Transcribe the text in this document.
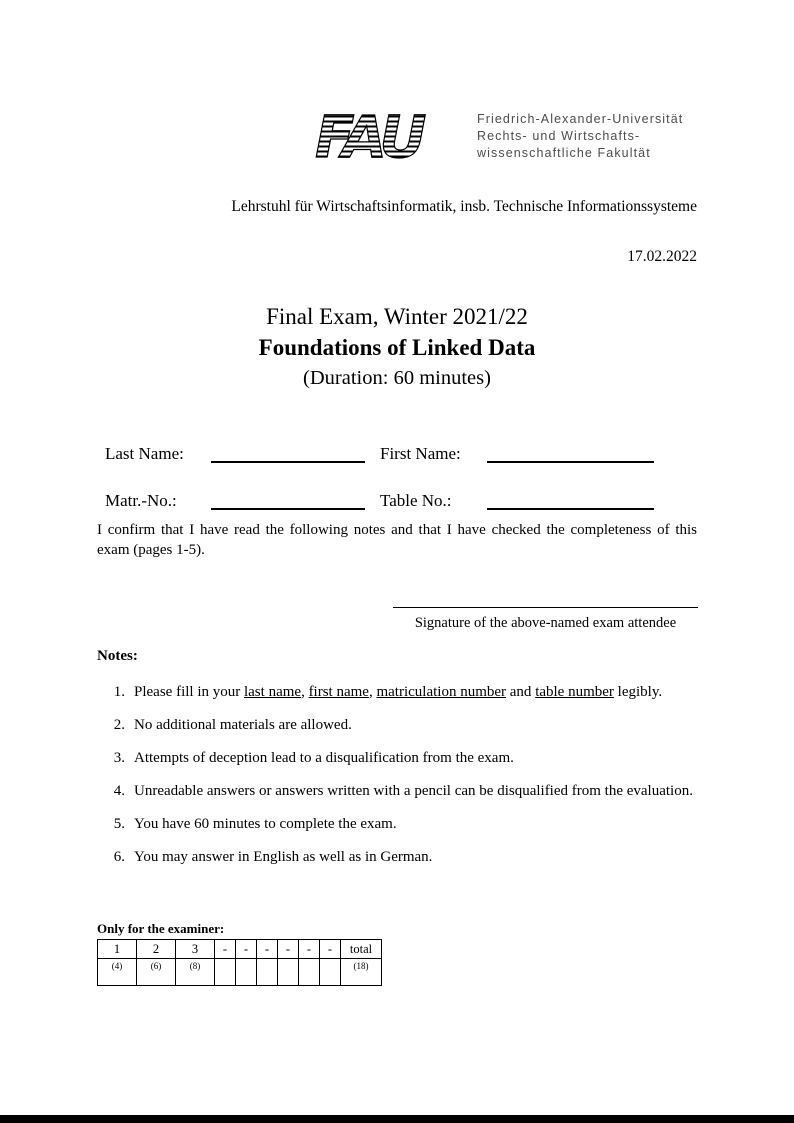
FAU	Friedrich-Alexander-Universität
Rechts- und Wirtschafts-
wissenschaftliche Fakultät
Lehrstuhl für Wirtschaftsinformatik, insb. Technische Informationssysteme
17.02.2022
Final Exam, Winter 2021/22
Foundations of Linked Data
(Duration: 60 minutes)
Last Name:	First Name:
Matr.-No.:	Table No.:
I confirm that I have read the following notes and that I have checked the completeness of this exam (pages 1-5).
Signature of the above-named exam attendee
Notes:
1. Please fill in your last name, first name, matriculation number and table number legibly.
2. No additional materials are allowed.
3. Attempts of deception lead to a disqualification from the exam.
4. Unreadable answers or answers written with a pencil can be disqualified from the evaluation.
5. You have 60 minutes to complete the exam.
6. You may answer in English as well as in German.
Only for the examiner:
1	2	3	-	-	-	-	-	-	total
(4)	(6)	(8)							(18)
